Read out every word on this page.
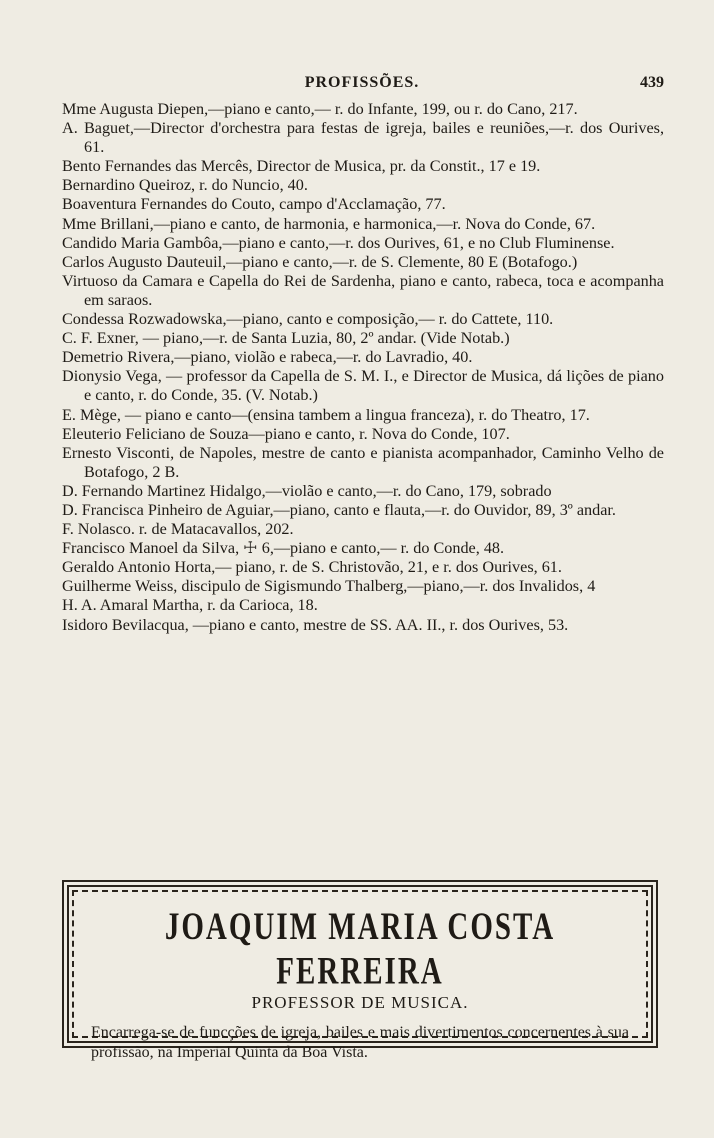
PROFISSÕES.	439

Mme Augusta Diepen,—piano e canto,— r. do Infante, 199, ou r. do Cano, 217.

A. Baguet,—Director d'orchestra para festas de igreja, bailes e reuniões,—r. dos Ourives, 61.

Bento Fernandes das Mercês, Director de Musica, pr. da Constit., 17 e 19.

Bernardino Queiroz, r. do Nuncio, 40.

Boaventura Fernandes do Couto, campo d'Acclamação, 77.

Mme Brillani,—piano e canto, de harmonia, e harmonica,—r. Nova do Conde, 67.

Candido Maria Gambôa,—piano e canto,—r. dos Ourives, 61, e no Club Fluminense.

Carlos Augusto Dauteuil,—piano e canto,—r. de S. Clemente, 80 E (Botafogo.)

Virtuoso da Camara e Capella do Rei de Sardenha, piano e canto, rabeca, toca e acompanha em saraos.

Condessa Rozwadowska,—piano, canto e composição,— r. do Cattete, 110.

C. F. Exner, — piano,—r. de Santa Luzia, 80, 2º andar. (Vide Notab.)

Demetrio Rivera,—piano, violão e rabeca,—r. do Lavradio, 40.

Dionysio Vega, — professor da Capella de S. M. I., e Director de Musica, dá lições de piano e canto, r. do Conde, 35. (V. Notab.)

E. Mège, — piano e canto—(ensina tambem a lingua franceza), r. do Theatro, 17.

Eleuterio Feliciano de Souza—piano e canto, r. Nova do Conde, 107.

Ernesto Visconti, de Napoles, mestre de canto e pianista acompanhador, Caminho Velho de Botafogo, 2 B.

D. Fernando Martinez Hidalgo,—violão e canto,—r. do Cano, 179, sobrado

D. Francisca Pinheiro de Aguiar,—piano, canto e flauta,—r. do Ouvidor, 89, 3º andar.

F. Nolasco. r. de Matacavallos, 202.

Francisco Manoel da Silva, ☩ 6,—piano e canto,— r. do Conde, 48.

Geraldo Antonio Horta,— piano, r. de S. Christovão, 21, e r. dos Ourives, 61.

Guilherme Weiss, discipulo de Sigismundo Thalberg,—piano,—r. dos Invalidos, 4

H. A. Amaral Martha, r. da Carioca, 18.

Isidoro Bevilacqua, —piano e canto, mestre de SS. AA. II., r. dos Ourives, 53.

JOAQUIM MARIA COSTA FERREIRA
PROFESSOR DE MUSICA.
Encarrega-se de funcções de igreja, bailes e mais divertimentos concernentes à sua profissão, na Imperial Quinta da Boa Vista.
